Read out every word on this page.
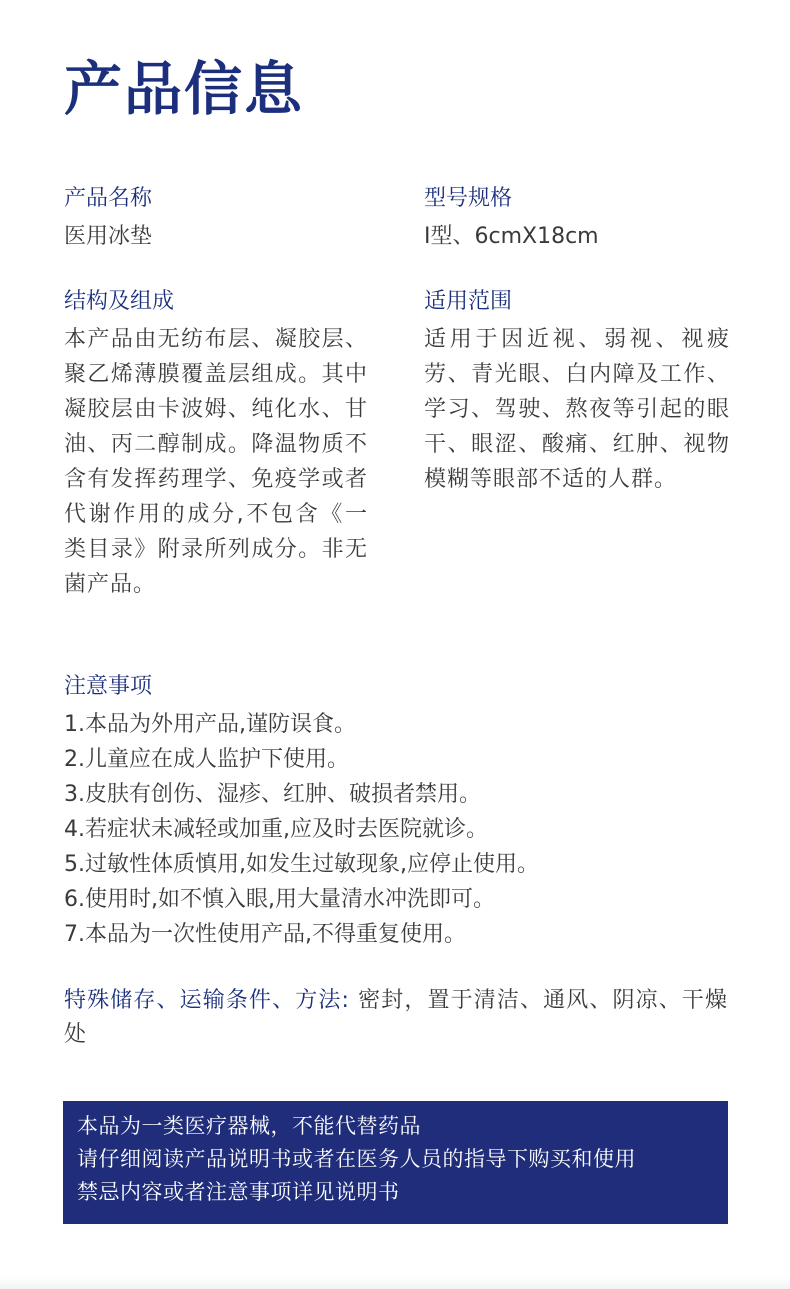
产品信息

产品名称

医用冰垫

型号规格

I型、6cmX18cm

结构及组成

本产品由无纺布层、凝胶层、聚乙烯薄膜覆盖层组成。其中凝胶层由卡波姆、纯化水、甘油、丙二醇制成。降温物质不含有发挥药理学、免疫学或者代谢作用的成分,不包含《一类目录》附录所列成分。非无菌产品。

适用范围

适用于因近视、弱视、视疲劳、青光眼、白内障及工作、学习、驾驶、熬夜等引起的眼干、眼涩、酸痛、红肿、视物模糊等眼部不适的人群。

注意事项

1.本品为外用产品,谨防误食。
2.儿童应在成人监护下使用。
3.皮肤有创伤、湿疹、红肿、破损者禁用。
4.若症状未减轻或加重,应及时去医院就诊。
5.过敏性体质慎用,如发生过敏现象,应停止使用。
6.使用时,如不慎入眼,用大量清水冲洗即可。
7.本品为一次性使用产品,不得重复使用。

特殊储存、运输条件、方法: 密封，置于清洁、通风、阴凉、干燥处

本品为一类医疗器械，不能代替药品
请仔细阅读产品说明书或者在医务人员的指导下购买和使用
禁忌内容或者注意事项详见说明书
